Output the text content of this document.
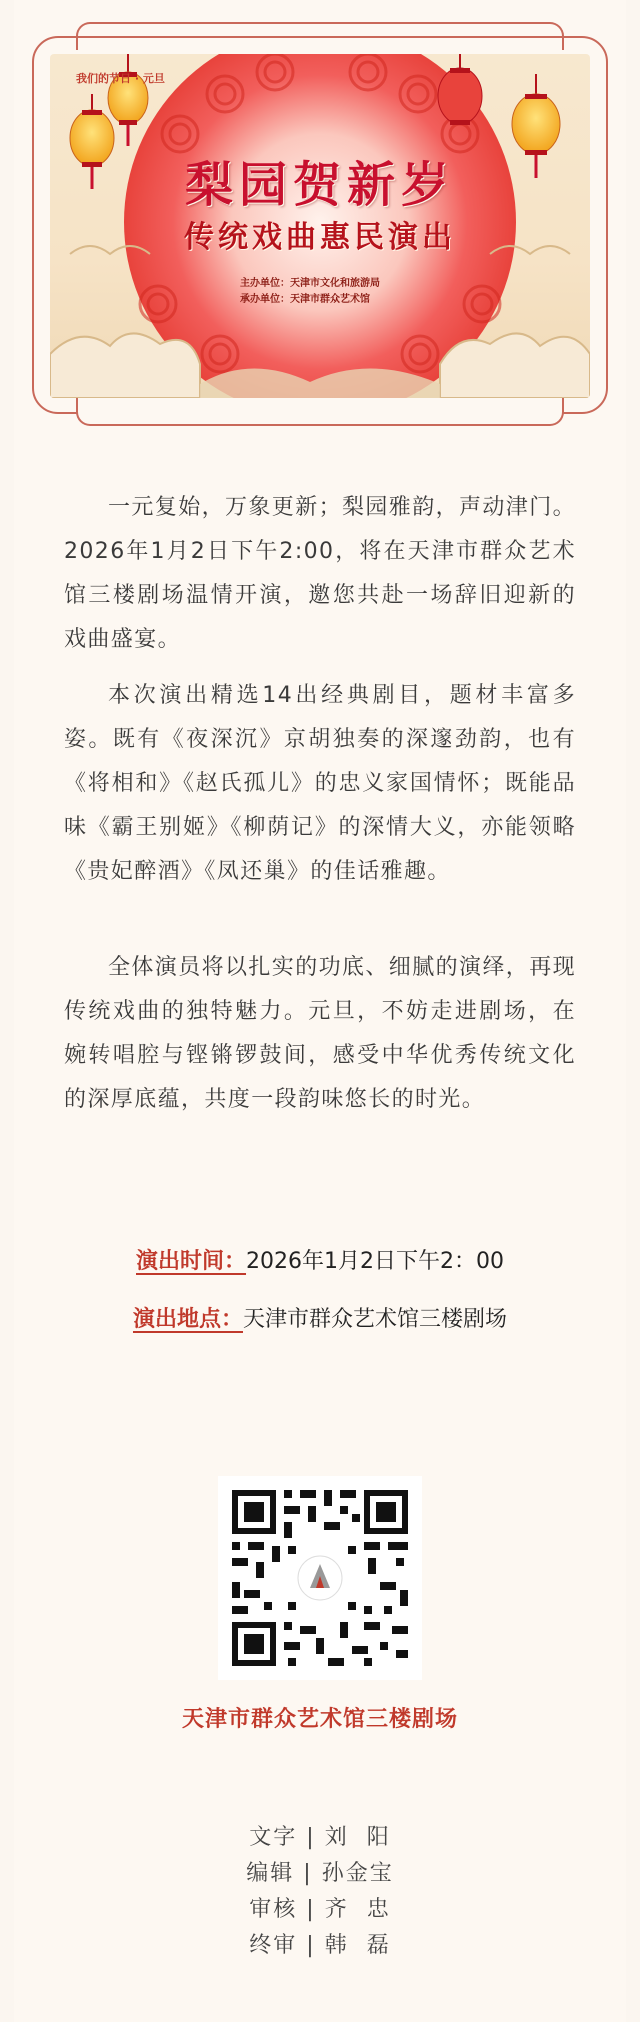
我们的节日 · 元旦
梨园贺新岁
传统戏曲惠民演出
主办单位：天津市文化和旅游局
承办单位：天津市群众艺术馆

一元复始，万象更新；梨园雅韵，声动津门。2026年1月2日下午2:00，将在天津市群众艺术馆三楼剧场温情开演，邀您共赴一场辞旧迎新的戏曲盛宴。

本次演出精选14出经典剧目，题材丰富多姿。既有《夜深沉》京胡独奏的深邃劲韵，也有《将相和》《赵氏孤儿》的忠义家国情怀；既能品味《霸王别姬》《柳荫记》的深情大义，亦能领略《贵妃醉酒》《凤还巢》的佳话雅趣。

全体演员将以扎实的功底、细腻的演绎，再现传统戏曲的独特魅力。元旦，不妨走进剧场，在婉转唱腔与铿锵锣鼓间，感受中华优秀传统文化的深厚底蕴，共度一段韵味悠长的时光。

演出时间：2026年1月2日下午2：00
演出地点：天津市群众艺术馆三楼剧场
天津市群众艺术馆三楼剧场
文字 | 刘  阳
编辑 | 孙金宝
审核 | 齐  忠
终审 | 韩  磊
